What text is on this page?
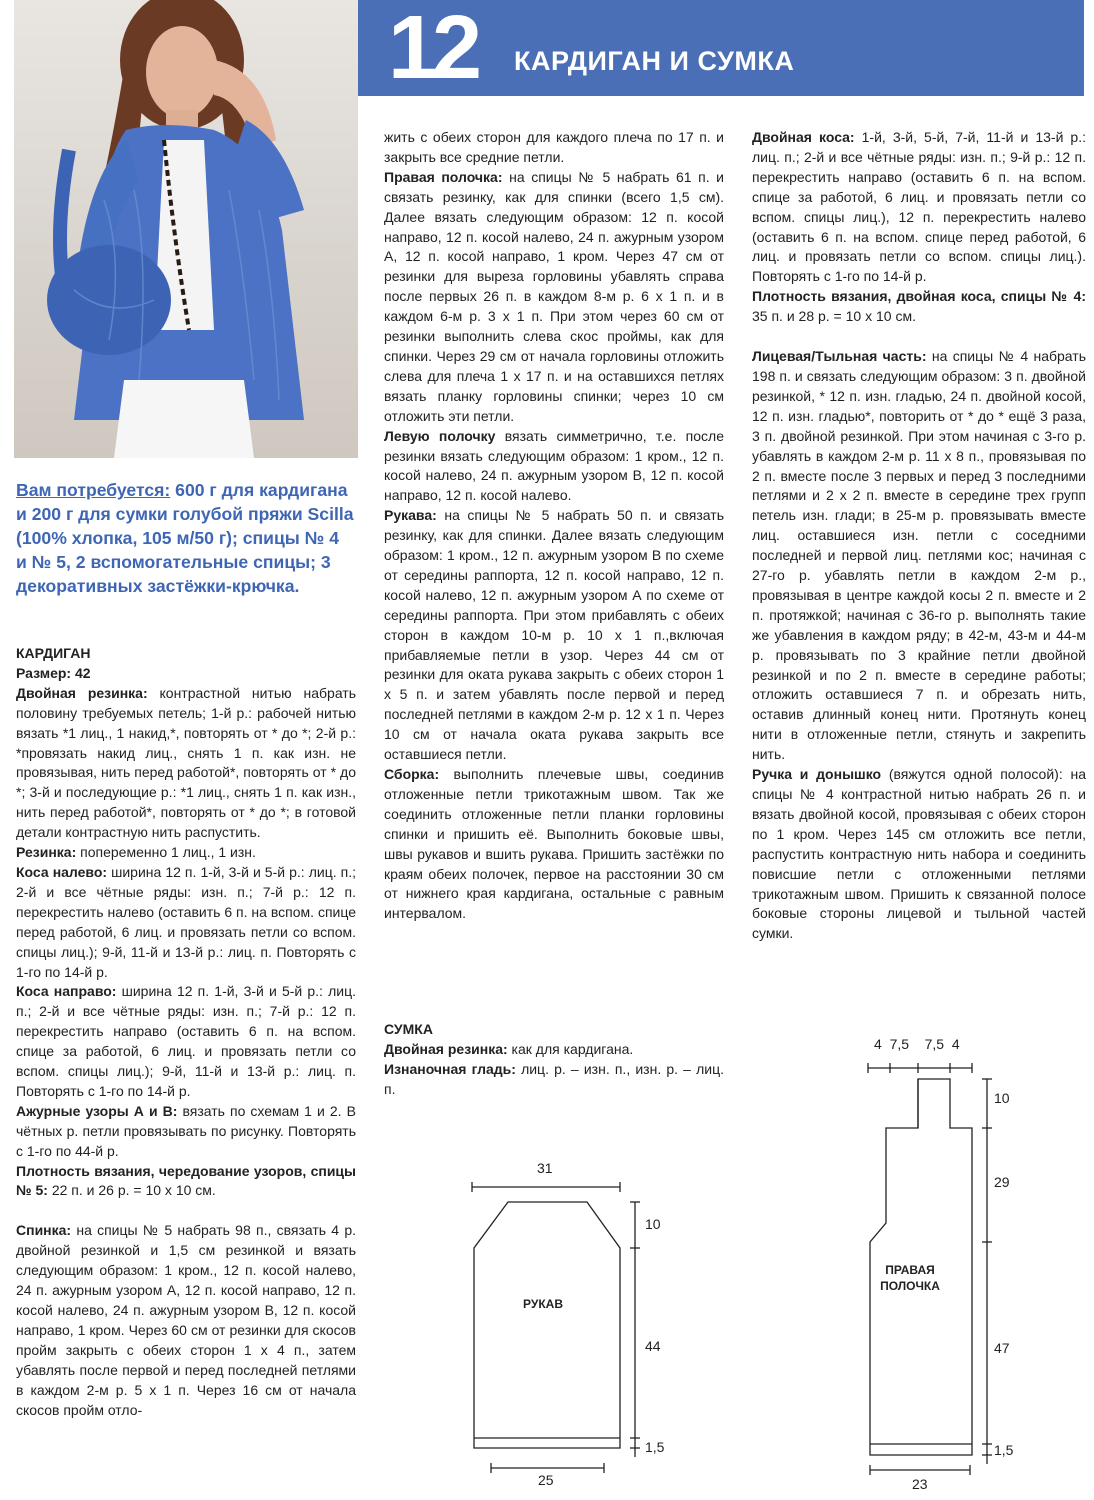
12 КАРДИГАН И СУМКА
Вам потребуется: 600 г для кардигана и 200 г для сумки голубой пряжи Scilla (100% хлопка, 105 м/50 г); спицы № 4 и № 5, 2 вспомогательные спицы; 3 декоративных застёжки-крючка.

КАРДИГАН

Размер: 42

Двойная резинка: контрастной нитью набрать половину требуемых петель; 1-й р.: рабочей нитью вязать *1 лиц., 1 накид,*, повторять от * до *; 2-й р.: *провязать накид лиц., снять 1 п. как изн. не провязывая, нить перед работой*, повторять от * до *; 3-й и последующие р.: *1 лиц., снять 1 п. как изн., нить перед работой*, повторять от * до *; в готовой детали контрастную нить распустить.

Резинка: попеременно 1 лиц., 1 изн.

Коса налево: ширина 12 п. 1-й, 3-й и 5-й р.: лиц. п.; 2-й и все чётные ряды: изн. п.; 7-й р.: 12 п. перекрестить налево (оставить 6 п. на вспом. спице перед работой, 6 лиц. и провязать петли со вспом. спицы лиц.); 9-й, 11-й и 13-й р.: лиц. п. Повторять с 1-го по 14-й р.

Коса направо: ширина 12 п. 1-й, 3-й и 5-й р.: лиц. п.; 2-й и все чётные ряды: изн. п.; 7-й р.: 12 п. перекрестить направо (оставить 6 п. на вспом. спице за работой, 6 лиц. и провязать петли со вспом. спицы лиц.); 9-й, 11-й и 13-й р.: лиц. п. Повторять с 1-го по 14-й р.

Ажурные узоры А и В: вязать по схемам 1 и 2. В чётных р. петли провязывать по рисунку. Повторять с 1-го по 44-й р.

Плотность вязания, чередование узоров, спицы № 5: 22 п. и 26 р. = 10 х 10 см.

Спинка: на спицы № 5 набрать 98 п., связать 4 р. двойной резинкой и 1,5 см резинкой и вязать следующим образом: 1 кром., 12 п. косой налево, 24 п. ажурным узором А, 12 п. косой направо, 12 п. косой налево, 24 п. ажурным узором В, 12 п. косой направо, 1 кром. Через 60 см от резинки для скосов пройм закрыть с обеих сторон 1 х 4 п., затем убавлять после первой и перед последней петлями в каждом 2-м р. 5 х 1 п. Через 16 см от начала скосов пройм отло-

жить с обеих сторон для каждого плеча по 17 п. и закрыть все средние петли.

Правая полочка: на спицы № 5 набрать 61 п. и связать резинку, как для спинки (всего 1,5 см). Далее вязать следующим образом: 12 п. косой направо, 12 п. косой налево, 24 п. ажурным узором А, 12 п. косой направо, 1 кром. Через 47 см от резинки для выреза горловины убавлять справа после первых 26 п. в каждом 8-м р. 6 х 1 п. и в каждом 6-м р. 3 х 1 п. При этом через 60 см от резинки выполнить слева скос проймы, как для спинки. Через 29 см от начала горловины отложить слева для плеча 1 х 17 п. и на оставшихся петлях вязать планку горловины спинки; через 10 см отложить эти петли.

Левую полочку вязать симметрично, т.е. после резинки вязать следующим образом: 1 кром., 12 п. косой налево, 24 п. ажурным узором В, 12 п. косой направо, 12 п. косой налево.

Рукава: на спицы № 5 набрать 50 п. и связать резинку, как для спинки. Далее вязать следующим образом: 1 кром., 12 п. ажурным узором В по схеме от середины раппорта, 12 п. косой направо, 12 п. косой налево, 12 п. ажурным узором А по схеме от середины раппорта. При этом прибавлять с обеих сторон в каждом 10-м р. 10 х 1 п.,включая прибавляемые петли в узор. Через 44 см от резинки для оката рукава закрыть с обеих сторон 1 х 5 п. и затем убавлять после первой и перед последней петлями в каждом 2-м р. 12 х 1 п. Через 10 см от начала оката рукава закрыть все оставшиеся петли.

Сборка: выполнить плечевые швы, соединив отложенные петли трикотажным швом. Так же соединить отложенные петли планки горловины спинки и пришить её. Выполнить боковые швы, швы рукавов и вшить рукава. Пришить застёжки по краям обеих полочек, первое на расстоянии 30 см от нижнего края кардигана, остальные с равным интервалом.

СУМКА

Двойная резинка: как для кардигана.

Изнаночная гладь: лиц. р. – изн. п., изн. р. – лиц. п.

Двойная коса: 1-й, 3-й, 5-й, 7-й, 11-й и 13-й р.: лиц. п.; 2-й и все чётные ряды: изн. п.; 9-й р.: 12 п. перекрестить направо (оставить 6 п. на вспом. спице за работой, 6 лиц. и провязать петли со вспом. спицы лиц.), 12 п. перекрестить налево (оставить 6 п. на вспом. спице перед работой, 6 лиц. и провязать петли со вспом. спицы лиц.). Повторять с 1-го по 14-й р.

Плотность вязания, двойная коса, спицы № 4: 35 п. и 28 р. = 10 х 10 см.

Лицевая/Тыльная часть: на спицы № 4 набрать 198 п. и связать следующим образом: 3 п. двойной резинкой, * 12 п. изн. гладью, 24 п. двойной косой, 12 п. изн. гладью*, повторить от * до * ещё 3 раза, 3 п. двойной резинкой. При этом начиная с 3-го р. убавлять в каждом 2-м р. 11 х 8 п., провязывая по 2 п. вместе после 3 первых и перед 3 последними петлями и 2 х 2 п. вместе в середине трех групп петель изн. глади; в 25-м р. провязывать вместе лиц. оставшиеся изн. петли с соседними последней и первой лиц. петлями кос; начиная с 27-го р. убавлять петли в каждом 2-м р., провязывая в центре каждой косы 2 п. вместе и 2 п. протяжкой; начиная с 36-го р. выполнять такие же убавления в каждом ряду; в 42-м, 43-м и 44-м р. провязывать по 3 крайние петли двойной резинкой и по 2 п. вместе в середине работы; отложить оставшиеся 7 п. и обрезать нить, оставив длинный конец нити. Протянуть конец нити в отложенные петли, стянуть и закрепить нить.

Ручка и донышко (вяжутся одной полосой): на спицы № 4 контрастной нитью набрать 26 п. и вязать двойной косой, провязывая с обеих сторон по 1 кром. Через 145 см отложить все петли, распустить контрастную нить набора и соединить повисшие петли с отложенными петлями трикотажным швом. Пришить к связанной полосе боковые стороны лицевой и тыльной частей сумки.

31
10
44
1,5
25
РУКАВ
4  7,5    7,5  4
10
29
47
1,5
23
ПРАВАЯ
ПОЛОЧКА
